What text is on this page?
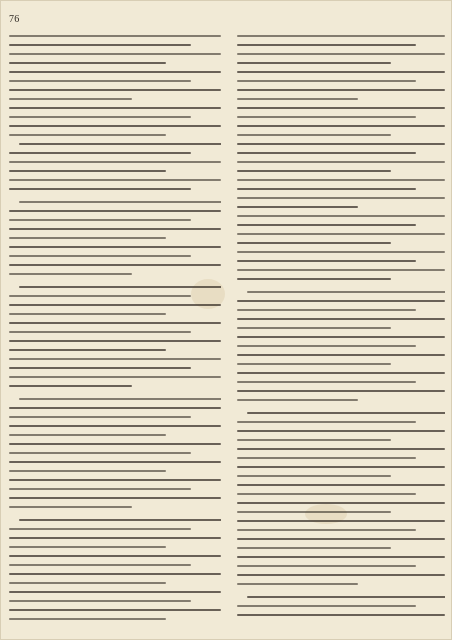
76
